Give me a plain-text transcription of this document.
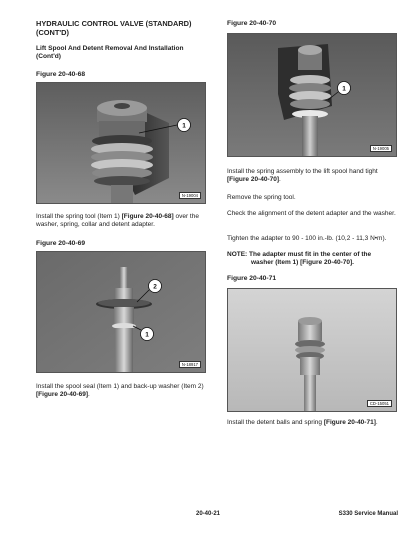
HYDRAULIC CONTROL VALVE (STANDARD)
(CONT'D)
Lift Spool And Detent Removal And Installation
(Cont'd)
Figure 20-40-68
1
N-19004
Install the spring tool (Item 1) [Figure 20-40-68] over the washer, spring, collar and detent adapter.
Figure 20-40-69
2
1
N-18917
Install the spool seal (Item 1) and back-up washer (Item 2) [Figure 20-40-69].
Figure 20-40-70
1
N-19005
Install the spring assembly to the lift spool hand tight [Figure 20-40-70].
Remove the spring tool.
Check the alignment of the detent adapter and the washer.
Tighten the adapter to 90 - 100 in.-lb. (10,2 - 11,3 N•m).
NOTE: The adapter must fit in the center of the
washer (Item 1) [Figure 20-40-70].
Figure 20-40-71
CD-15051
Install the detent balls and spring [Figure 20-40-71].
20-40-21	S330 Service Manual
